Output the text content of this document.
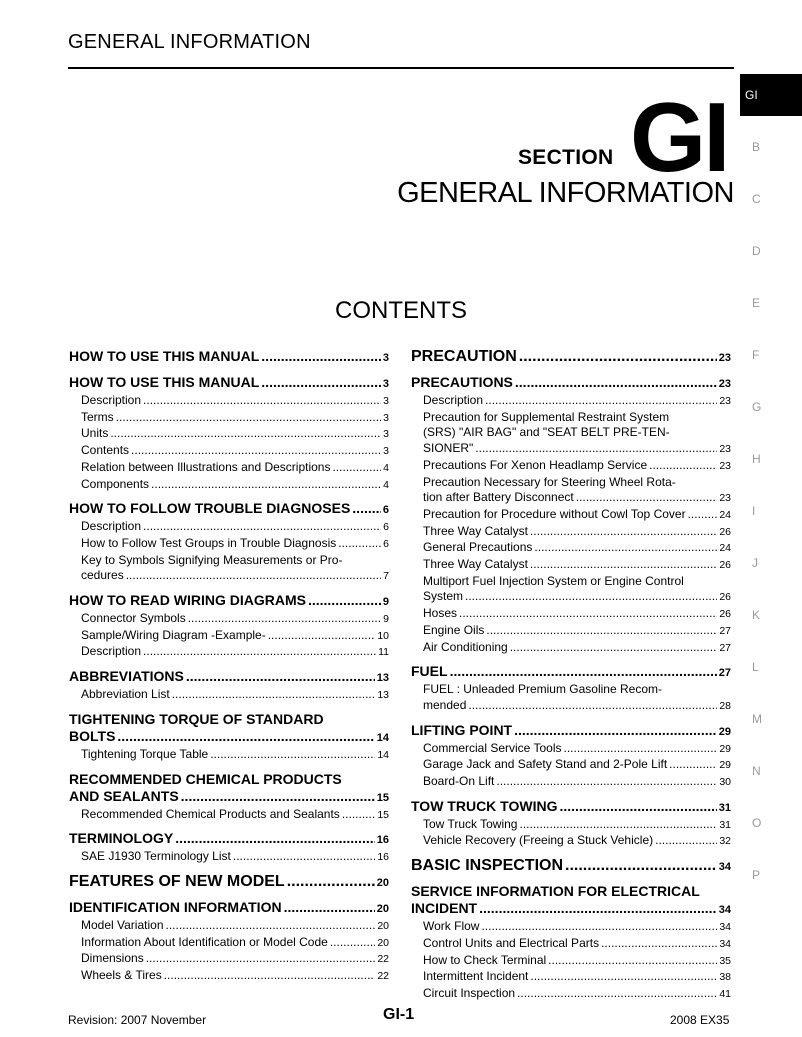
GENERAL INFORMATION
GI
B
C
D
E
F
G
H
I
J
K
L
M
N
O
P
SECTION GI
GENERAL INFORMATION
CONTENTS
HOW TO USE THIS MANUAL .....	3
HOW TO USE THIS MANUAL .....	3
Description .....	3
Terms .....	3
Units .....	3
Contents .....	3
Relation between Illustrations and Descriptions .....	4
Components .....	4
HOW TO FOLLOW TROUBLE DIAGNOSES .....	6
Description .....	6
How to Follow Test Groups in Trouble Diagnosis .....	6
Key to Symbols Signifying Measurements or Pro-
cedures .....	7
HOW TO READ WIRING DIAGRAMS .....	9
Connector Symbols .....	9
Sample/Wiring Diagram -Example- .....	10
Description .....	11
ABBREVIATIONS .....	13
Abbreviation List .....	13
TIGHTENING TORQUE OF STANDARD
BOLTS .....	14
Tightening Torque Table .....	14
RECOMMENDED CHEMICAL PRODUCTS
AND SEALANTS .....	15
Recommended Chemical Products and Sealants .....	15
TERMINOLOGY .....	16
SAE J1930 Terminology List .....	16
FEATURES OF NEW MODEL .....	20
IDENTIFICATION INFORMATION .....	20
Model Variation .....	20
Information About Identification or Model Code .....	20
Dimensions .....	22
Wheels & Tires .....	22
PRECAUTION .....	23
PRECAUTIONS .....	23
Description .....	23
Precaution for Supplemental Restraint System
(SRS) "AIR BAG" and "SEAT BELT PRE-TEN-
SIONER" .....	23
Precautions For Xenon Headlamp Service .....	23
Precaution Necessary for Steering Wheel Rota-
tion after Battery Disconnect .....	23
Precaution for Procedure without Cowl Top Cover .....	24
Three Way Catalyst .....	26
General Precautions .....	24
Three Way Catalyst .....	26
Multiport Fuel Injection System or Engine Control
System .....	26
Hoses .....	26
Engine Oils .....	27
Air Conditioning .....	27
FUEL .....	27
FUEL : Unleaded Premium Gasoline Recom-
mended .....	28
LIFTING POINT .....	29
Commercial Service Tools .....	29
Garage Jack and Safety Stand and 2-Pole Lift .....	29
Board-On Lift .....	30
TOW TRUCK TOWING .....	31
Tow Truck Towing .....	31
Vehicle Recovery (Freeing a Stuck Vehicle) .....	32
BASIC INSPECTION .....	34
SERVICE INFORMATION FOR ELECTRICAL
INCIDENT .....	34
Work Flow .....	34
Control Units and Electrical Parts .....	34
How to Check Terminal .....	35
Intermittent Incident .....	38
Circuit Inspection .....	41
Revision: 2007 November	GI-1	2008 EX35
